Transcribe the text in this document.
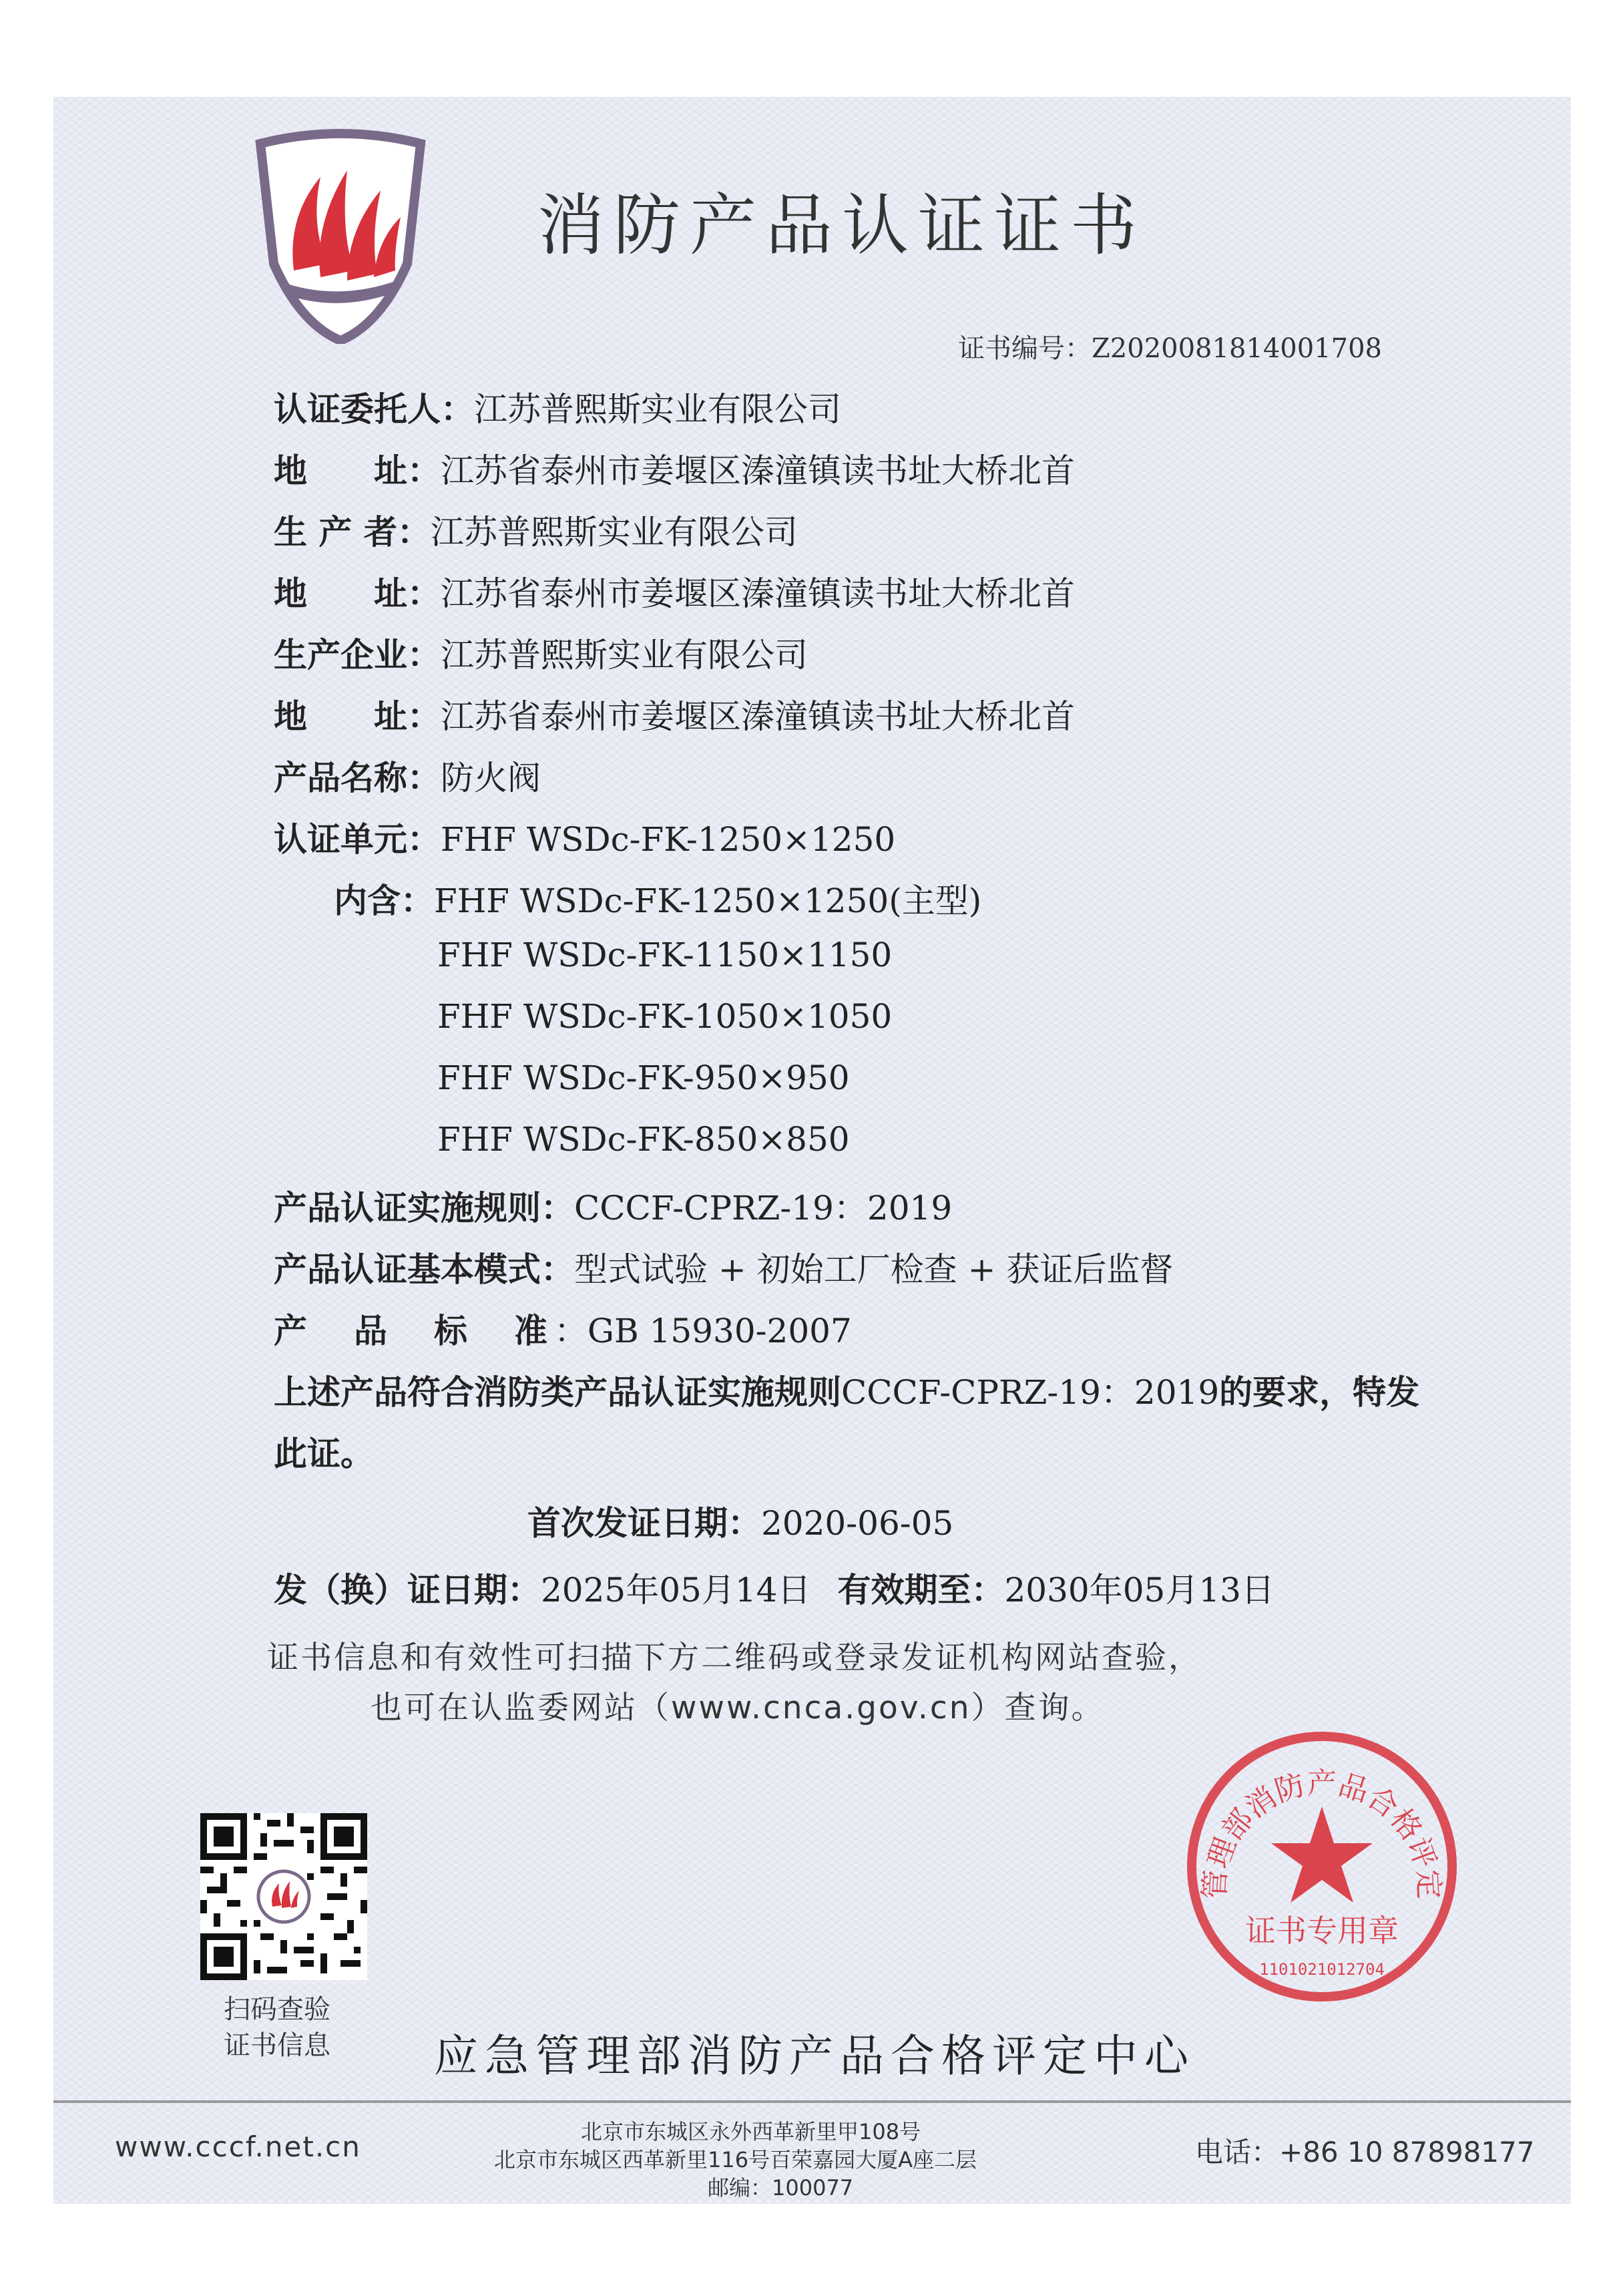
消防产品认证证书
证书编号：Z2020081814001708
认证委托人：江苏普熙斯实业有限公司
地　　址：江苏省泰州市姜堰区溱潼镇读书址大桥北首
生 产 者：江苏普熙斯实业有限公司
地　　址：江苏省泰州市姜堰区溱潼镇读书址大桥北首
生产企业：江苏普熙斯实业有限公司
地　　址：江苏省泰州市姜堰区溱潼镇读书址大桥北首
产品名称：防火阀
认证单元：FHF WSDc-FK-1250×1250
内含：FHF WSDc-FK-1250×1250(主型)
FHF WSDc-FK-1150×1150
FHF WSDc-FK-1050×1050
FHF WSDc-FK-950×950
FHF WSDc-FK-850×850
产品认证实施规则：CCCF-CPRZ-19：2019
产品认证基本模式：型式试验 + 初始工厂检查 + 获证后监督
产　品　标　准：GB 15930-2007
上述产品符合消防类产品认证实施规则CCCF-CPRZ-19：2019的要求，特发
此证。
首次发证日期：2020-06-05
发（换）证日期：2025年05月14日 有效期至：2030年05月13日
证书信息和有效性可扫描下方二维码或登录发证机构网站查验，
也可在认监委网站（www.cnca.gov.cn）查询。
扫码查验
证书信息 应急管理部消防产品合格评定中心
管理部消防产品合格评定
证书专用章
1101021012704
www.cccf.net.cn	北京市东城区永外西革新里甲108号
北京市东城区西革新里116号百荣嘉园大厦A座二层
邮编：100077
电话：+86 10 87898177
